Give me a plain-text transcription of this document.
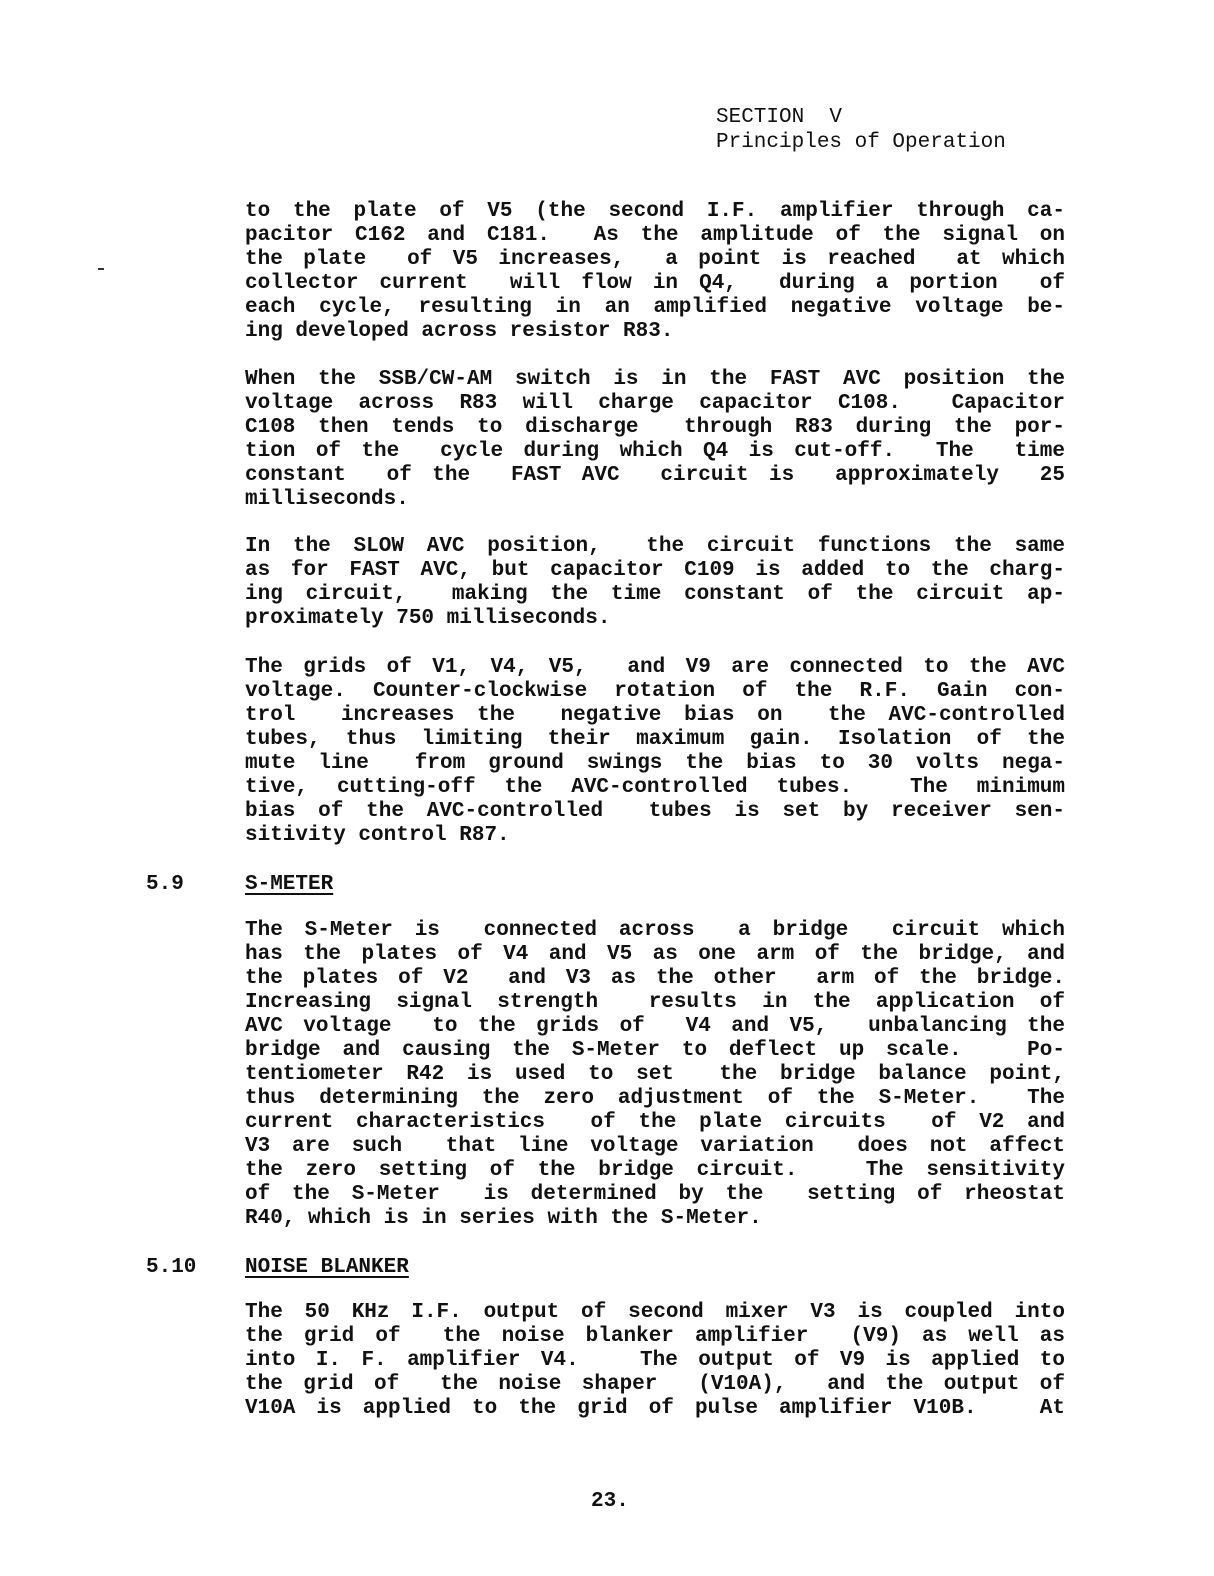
SECTION  V
Principles of Operation
to the plate of V5 (the second I.F. amplifier through ca-
pacitor C162 and C181.  As the amplitude of the signal on
the plate  of V5 increases,  a point is reached  at which
collector current  will flow in Q4,  during a portion  of
each cycle, resulting in an amplified negative voltage be-
ing developed across resistor R83.
When the SSB/CW-AM switch is in the FAST AVC position the
voltage across R83 will charge capacitor C108.  Capacitor
C108 then tends to discharge  through R83 during the por-
tion of the  cycle during which Q4 is cut-off.  The  time
constant  of the  FAST AVC  circuit is  approximately  25
milliseconds.
In the SLOW AVC position,  the circuit functions the same
as for FAST AVC, but capacitor C109 is added to the charg-
ing circuit,  making the time constant of the circuit ap-
proximately 750 milliseconds.
The grids of V1, V4, V5,  and V9 are connected to the AVC
voltage. Counter-clockwise rotation of the R.F. Gain con-
trol  increases the  negative bias on  the AVC-controlled
tubes, thus limiting their maximum gain. Isolation of the
mute line  from ground swings the bias to 30 volts nega-
tive, cutting-off the AVC-controlled tubes.  The minimum
bias of the AVC-controlled  tubes is set by receiver sen-
sitivity control R87.
5.9	S-METER
The S-Meter is  connected across  a bridge  circuit which
has the plates of V4 and V5 as one arm of the bridge, and
the plates of V2  and V3 as the other  arm of the bridge.
Increasing signal strength  results in the application of
AVC voltage  to the grids of  V4 and V5,  unbalancing the
bridge and causing the S-Meter to deflect up scale.   Po-
tentiometer R42 is used to set  the bridge balance point,
thus determining the zero adjustment of the S-Meter.  The
current characteristics  of the plate circuits  of V2 and
V3 are such  that line voltage variation  does not affect
the zero setting of the bridge circuit.   The sensitivity
of the S-Meter  is determined by the  setting of rheostat
R40, which is in series with the S-Meter.
5.10 NOISE BLANKER
The 50 KHz I.F. output of second mixer V3 is coupled into
the grid of  the noise blanker amplifier  (V9) as well as
into I. F. amplifier V4.   The output of V9 is applied to
the grid of  the noise shaper  (V10A),  and the output of
V10A is applied to the grid of pulse amplifier V10B.   At
23.
